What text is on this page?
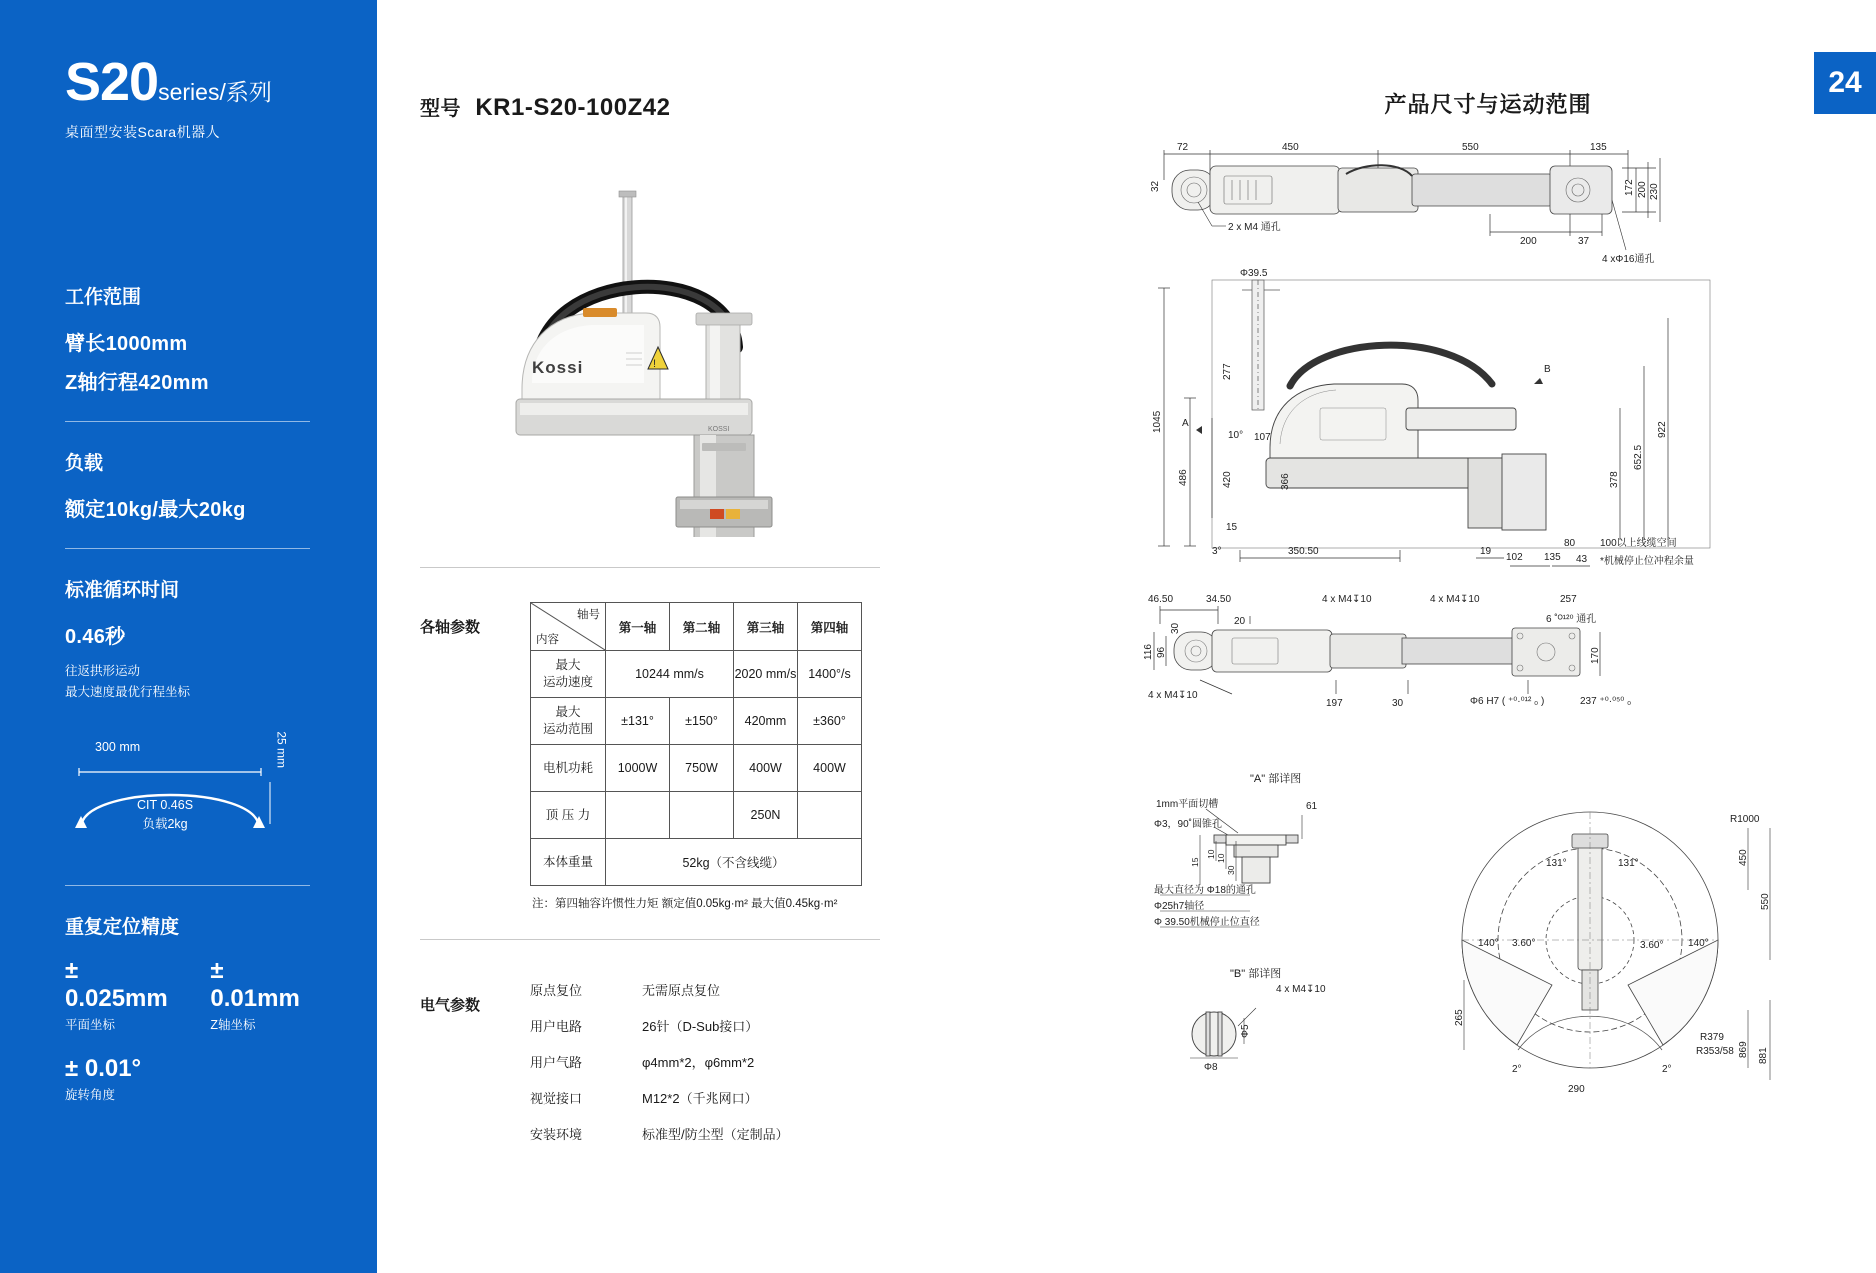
S20series/系列
桌面型安装Scara机器人
工作范围
臂长1000mm
Z轴行程420mm
负载
额定10kg/最大20kg
标准循环时间
0.46秒
往返拱形运动
最大速度最优行程坐标
300 mm	25 mm
CIT 0.46S
负载2kg
重复定位精度
± 0.025mm
平面坐标
± 0.01mm
Z轴坐标
± 0.01°
旋转角度
24
型号 KR1-S20-100Z42
Kossi	!
KOSSI
各轴参数
轴号
内容	第一轴	第二轴	第三轴	第四轴

最大
运动速度	10244 mm/s		2020 mm/s	1400°/s

最大
运动范围	±131°	±150°	420mm	±360°
电机功耗	1000W	750W	400W	400W
顶 压 力			250N	
本体重量	52kg（不含线缆）			
注：第四轴容许惯性力矩 额定值0.05kg·m² 最大值0.45kg·m²
电气参数
原点复位	无需原点复位
用户电路	26针（D-Sub接口）
用户气路	φ4mm*2，φ6mm*2
视觉接口	M12*2（千兆网口）
安装环境	标准型/防尘型（定制品）
产品尺寸与运动范围
72	450	550	135
172 200 230
32
200	37
2 x M4 通孔
4 xΦ16通孔
Φ39.5
1045
486
277
420	366
107
10°
15
3°
A
B
350.50	19
102 135 43
80
378
652.5
922
100以上线缆空间
*机械停止位冲程余量
46.50	34.50
20
4 x M4↧10	4 x M4↧10	257
6 ˚ᴼ¹²⁰ 通孔
116 96
30
170
4 x M4↧10
197	30	Φ6 H7 ( ⁺⁰·⁰¹² ₀ )	237 ⁺⁰·⁰⁵⁰ ₀
"A" 部详图
1mm平面切槽
Φ3，90˚圆锥孔
61
15
10 10
30
最大直径为 Φ18的通孔
Φ25h7轴径
Φ 39.50机械停止位直径
"B" 部详图
4 x M4↧10
Φ8
Φ5
R1000
450
550
265
869 881
R379
R353/58
290
131°	131°
140°	140°
3.60°	3.60°
2°	2°
